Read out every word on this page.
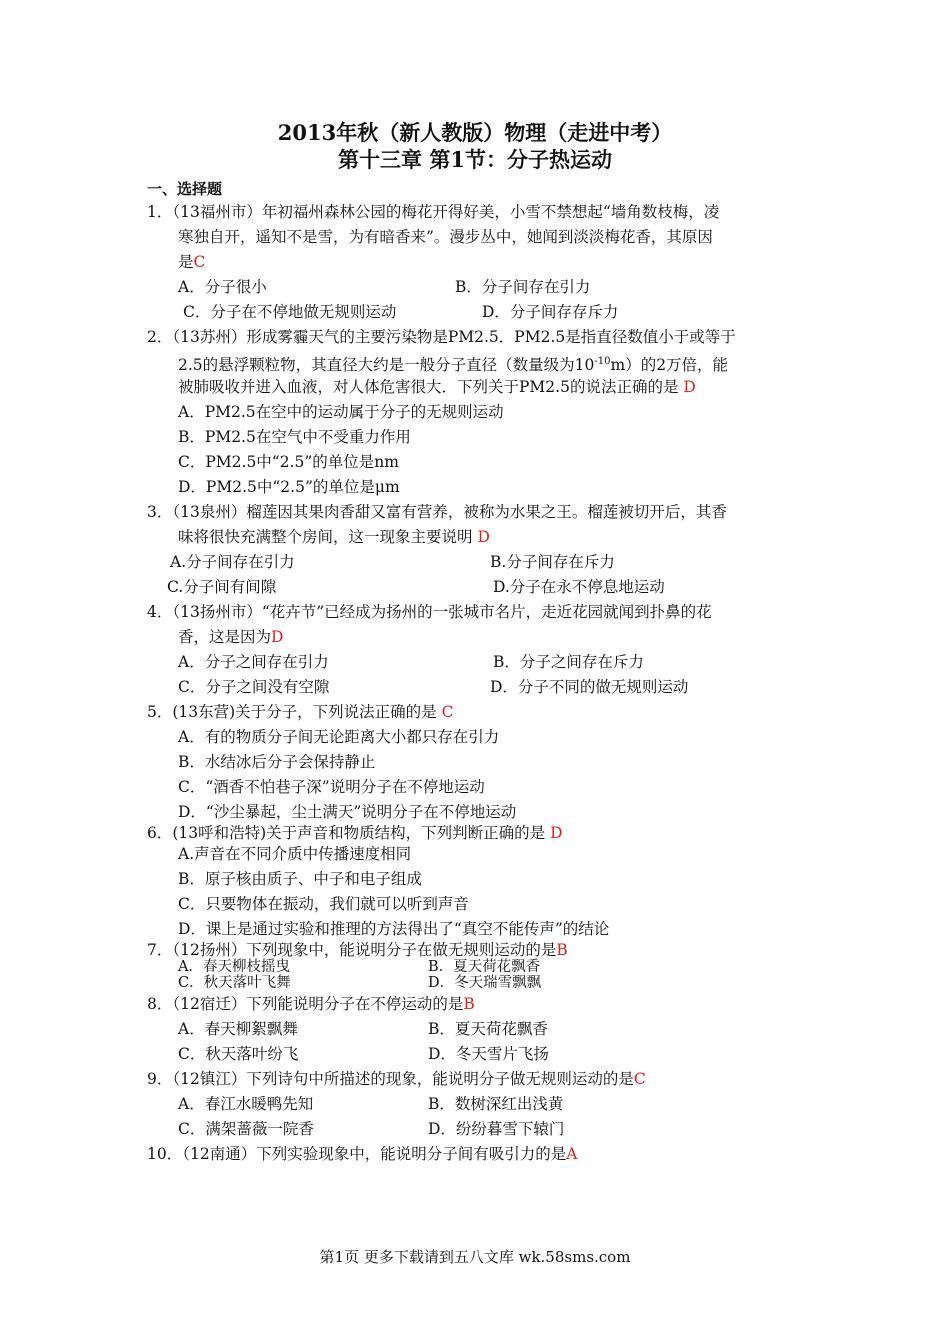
2013年秋（新人教版）物理（走进中考）
第十三章 第1节：分子热运动
一、选择题
1．（13福州市）年初福州森林公园的梅花开得好美，小雪不禁想起“墙角数枝梅，凌
寒独自开，遥知不是雪，为有暗香来”。漫步丛中，她闻到淡淡梅花香，其原因
是C
A．分子很小	B．分子间存在引力
C．分子在不停地做无规则运动	D．分子间存存斥力
2．（13苏州）形成雾霾天气的主要污染物是PM2.5．PM2.5是指直径数值小于或等于
2.5的悬浮颗粒物，其直径大约是一般分子直径（数量级为$10^{-10}m$）的2万倍，能
被肺吸收并进入血液，对人体危害很大．下列关于PM2.5的说法正确的是 D
A．PM2.5在空中的运动属于分子的无规则运动
B．PM2.5在空气中不受重力作用
C．PM2.5中“2.5”的单位是nm
D．PM2.5中“2.5”的单位是μm
3．（13泉州）榴莲因其果肉香甜又富有营养，被称为水果之王。榴莲被切开后，其香
味将很快充满整个房间，这一现象主要说明 D
A.分子间存在引力	B.分子间存在斥力
C.分子间有间隙	D.分子在永不停息地运动
4．（13扬州市）“花卉节”已经成为扬州的一张城市名片，走近花园就闻到扑鼻的花
香，这是因为D
A．分子之间存在引力	B．分子之间存在斥力
C．分子之间没有空隙	D．分子不同的做无规则运动
5．(13东营)关于分子，下列说法正确的是 C
A．有的物质分子间无论距离大小都只存在引力
B．水结冰后分子会保持静止
C．“酒香不怕巷子深”说明分子在不停地运动
D．“沙尘暴起，尘土满天”说明分子在不停地运动
6．(13呼和浩特)关于声音和物质结构，下列判断正确的是 D
A.声音在不同介质中传播速度相同
B．原子核由质子、中子和电子组成
C．只要物体在振动，我们就可以听到声音
D．课上是通过实验和推理的方法得出了“真空不能传声”的结论
7．（12扬州）下列现象中，能说明分子在做无规则运动的是B
A．春天柳枝摇曳	B．夏天荷花飘香
C．秋天落叶飞舞	D．冬天瑞雪飘飘
8．（12宿迁）下列能说明分子在不停运动的是B
A．春天柳絮飘舞	B．夏天荷花飘香
C．秋天落叶纷飞	D．冬天雪片飞扬
9．（12镇江）下列诗句中所描述的现象，能说明分子做无规则运动的是C
A．春江水暖鸭先知	B．数树深红出浅黄
C．满架蔷薇一院香	D．纷纷暮雪下辕门
10．（12南通）下列实验现象中，能说明分子间有吸引力的是A
第1页 更多下载请到五八文库 wk.58sms.com
